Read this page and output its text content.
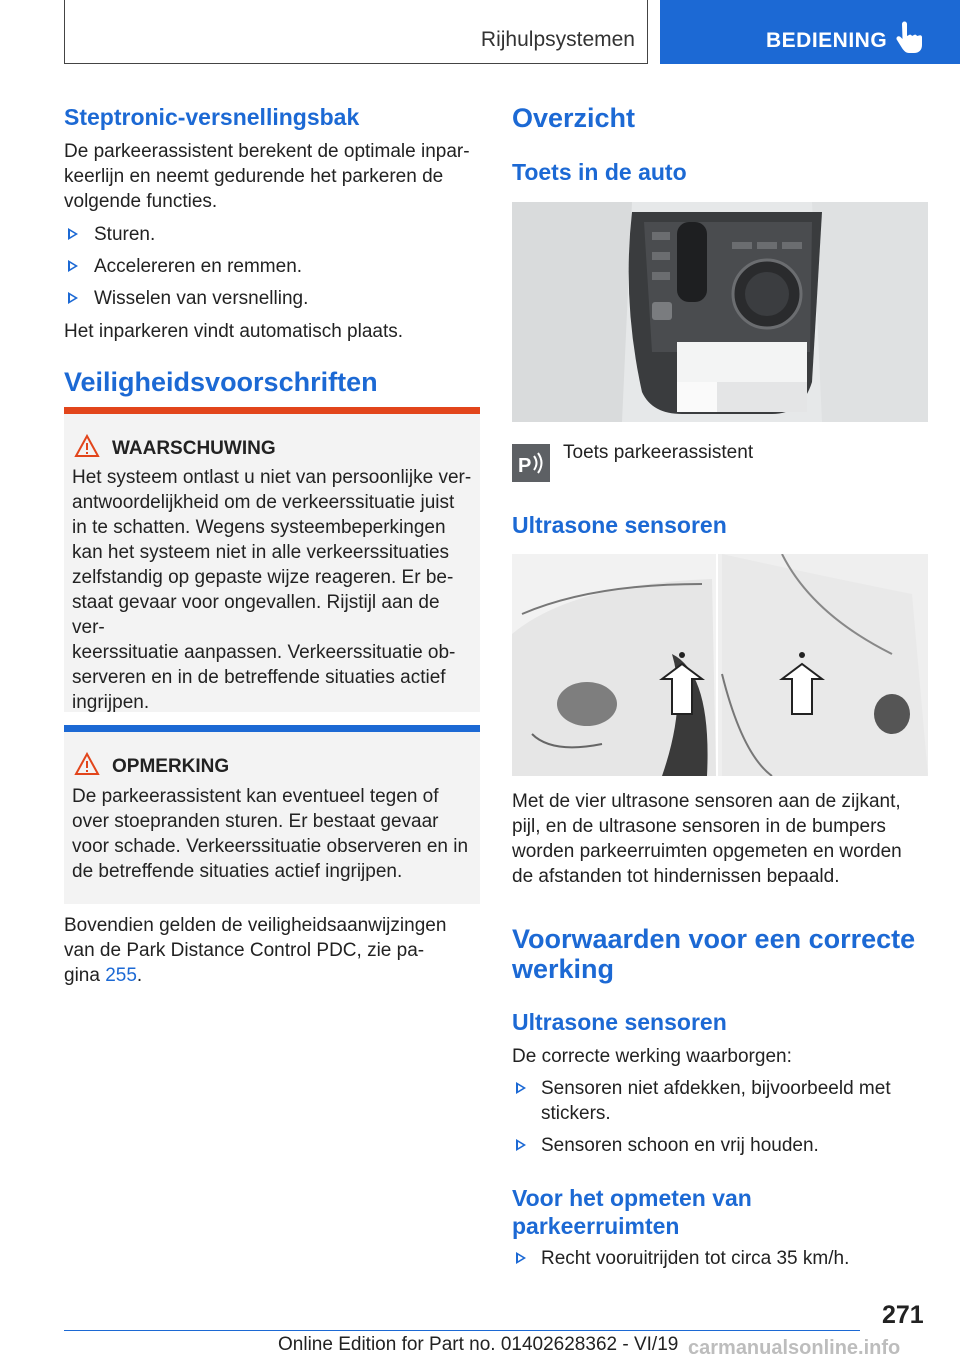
Rijhulpsystemen	BEDIENING
Steptronic-versnellingsbak
De parkeerassistent berekent de optimale inpar-
keerlijn en neemt gedurende het parkeren de
volgende functies.
Sturen.
Accelereren en remmen.
Wisselen van versnelling.
Het inparkeren vindt automatisch plaats.
Veiligheidsvoorschriften
WAARSCHUWING
Het systeem ontlast u niet van persoonlijke ver-
antwoordelijkheid om de verkeerssituatie juist
in te schatten. Wegens systeembeperkingen
kan het systeem niet in alle verkeerssituaties
zelfstandig op gepaste wijze reageren. Er be-
staat gevaar voor ongevallen. Rijstijl aan de ver-
keerssituatie aanpassen. Verkeerssituatie ob-
serveren en in de betreffende situaties actief
ingrijpen.
OPMERKING
De parkeerassistent kan eventueel tegen of
over stoepranden sturen. Er bestaat gevaar
voor schade. Verkeerssituatie observeren en in
de betreffende situaties actief ingrijpen.
Bovendien gelden de veiligheidsaanwijzingen
van de Park Distance Control PDC, zie pa-
gina 255.
Overzicht
Toets in de auto
P
Toets parkeerassistent
Ultrasone sensoren
Met de vier ultrasone sensoren aan de zijkant,
pijl, en de ultrasone sensoren in de bumpers
worden parkeerruimten opgemeten en worden
de afstanden tot hindernissen bepaald.
Voorwaarden voor een correcte
werking
Ultrasone sensoren
De correcte werking waarborgen:
Sensoren niet afdekken, bijvoorbeeld met
stickers.
Sensoren schoon en vrij houden.
Voor het opmeten van
parkeerruimten
Recht vooruitrijden tot circa 35 km/h.
271
Online Edition for Part no. 01402628362 - VI/19 carmanualsonline.info
